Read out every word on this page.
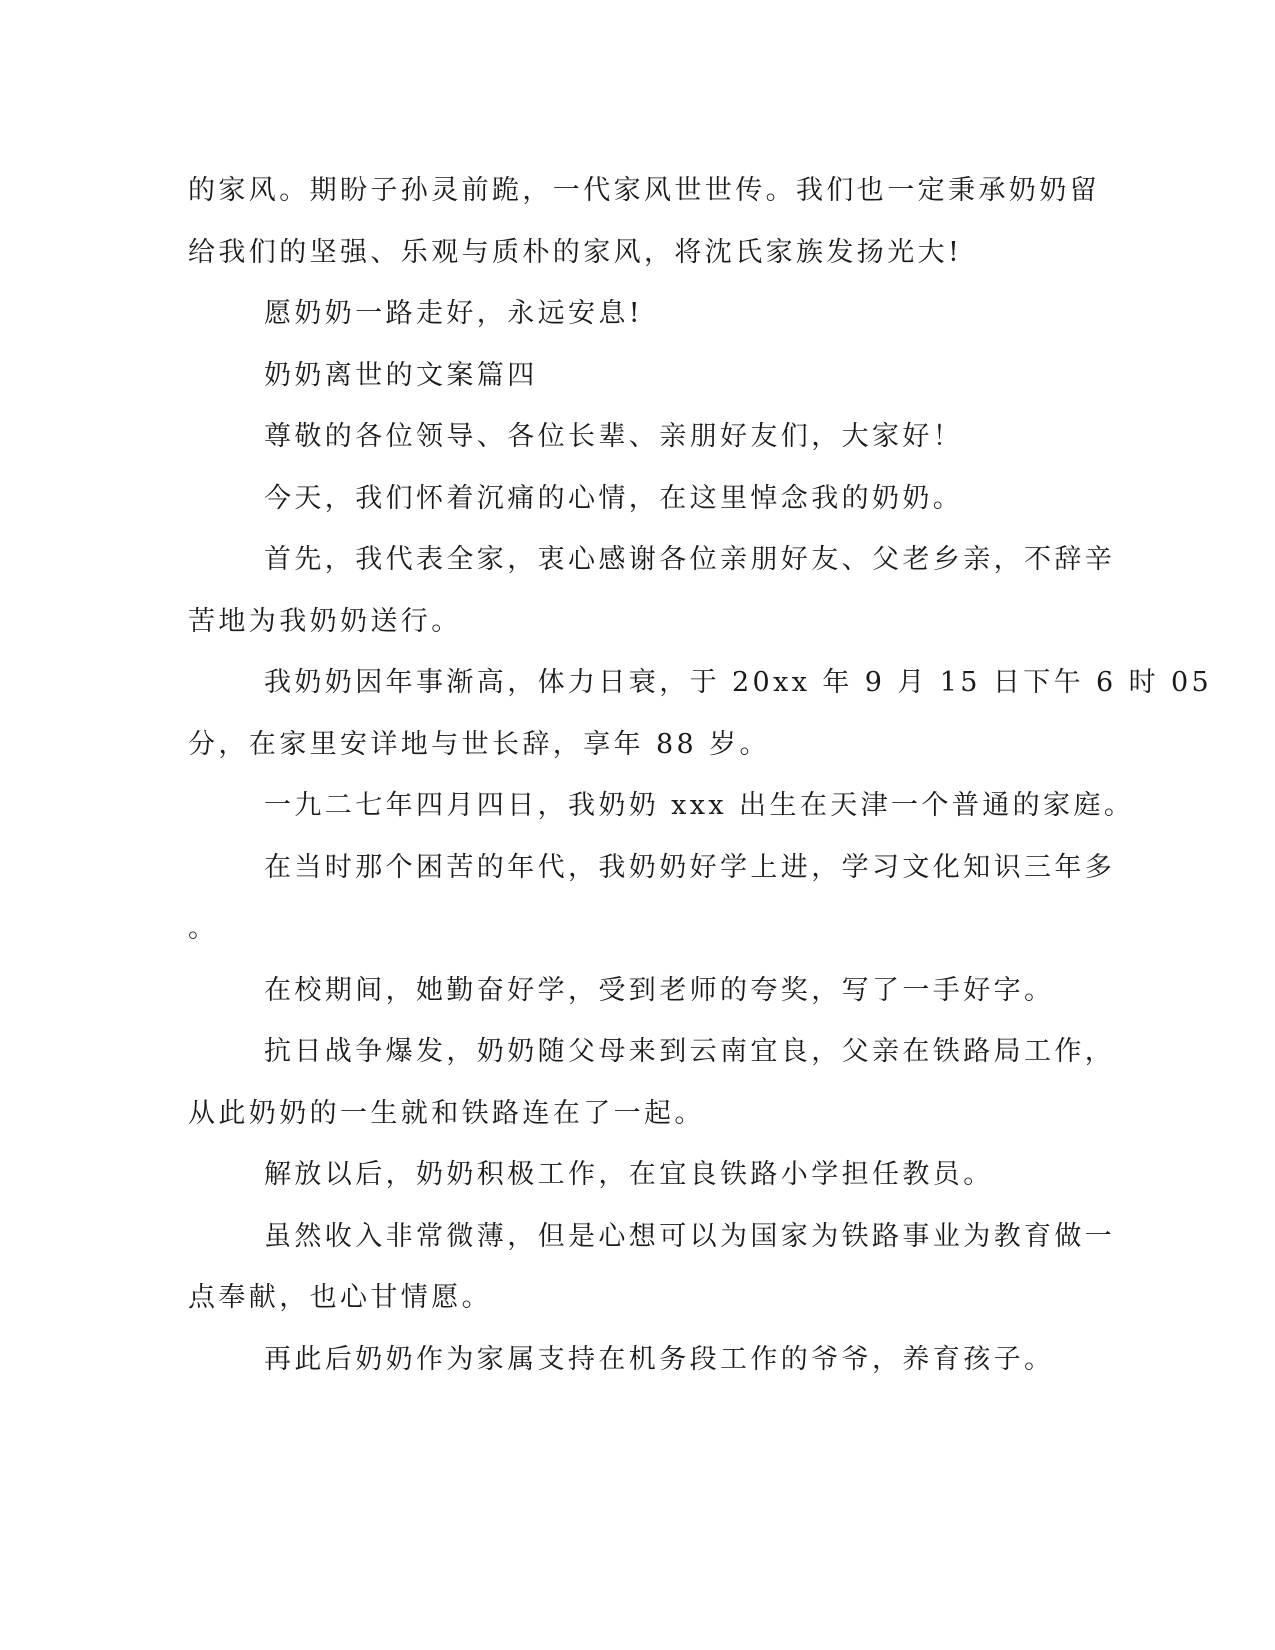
的家风。期盼子孙灵前跪，一代家风世世传。我们也一定秉承奶奶留
给我们的坚强、乐观与质朴的家风，将沈氏家族发扬光大!
愿奶奶一路走好，永远安息!
奶奶离世的文案篇四
尊敬的各位领导、各位长辈、亲朋好友们，大家好！
今天，我们怀着沉痛的心情，在这里悼念我的奶奶。
首先，我代表全家，衷心感谢各位亲朋好友、父老乡亲，不辞辛
苦地为我奶奶送行。
我奶奶因年事渐高，体力日衰，于 20xx 年 9 月 15 日下午 6 时 05
分，在家里安详地与世长辞，享年 88 岁。
一九二七年四月四日，我奶奶 xxx 出生在天津一个普通的家庭。
在当时那个困苦的年代，我奶奶好学上进，学习文化知识三年多
。
在校期间，她勤奋好学，受到老师的夸奖，写了一手好字。
抗日战争爆发，奶奶随父母来到云南宜良，父亲在铁路局工作，
从此奶奶的一生就和铁路连在了一起。
解放以后，奶奶积极工作，在宜良铁路小学担任教员。
虽然收入非常微薄，但是心想可以为国家为铁路事业为教育做一
点奉献，也心甘情愿。
再此后奶奶作为家属支持在机务段工作的爷爷，养育孩子。
